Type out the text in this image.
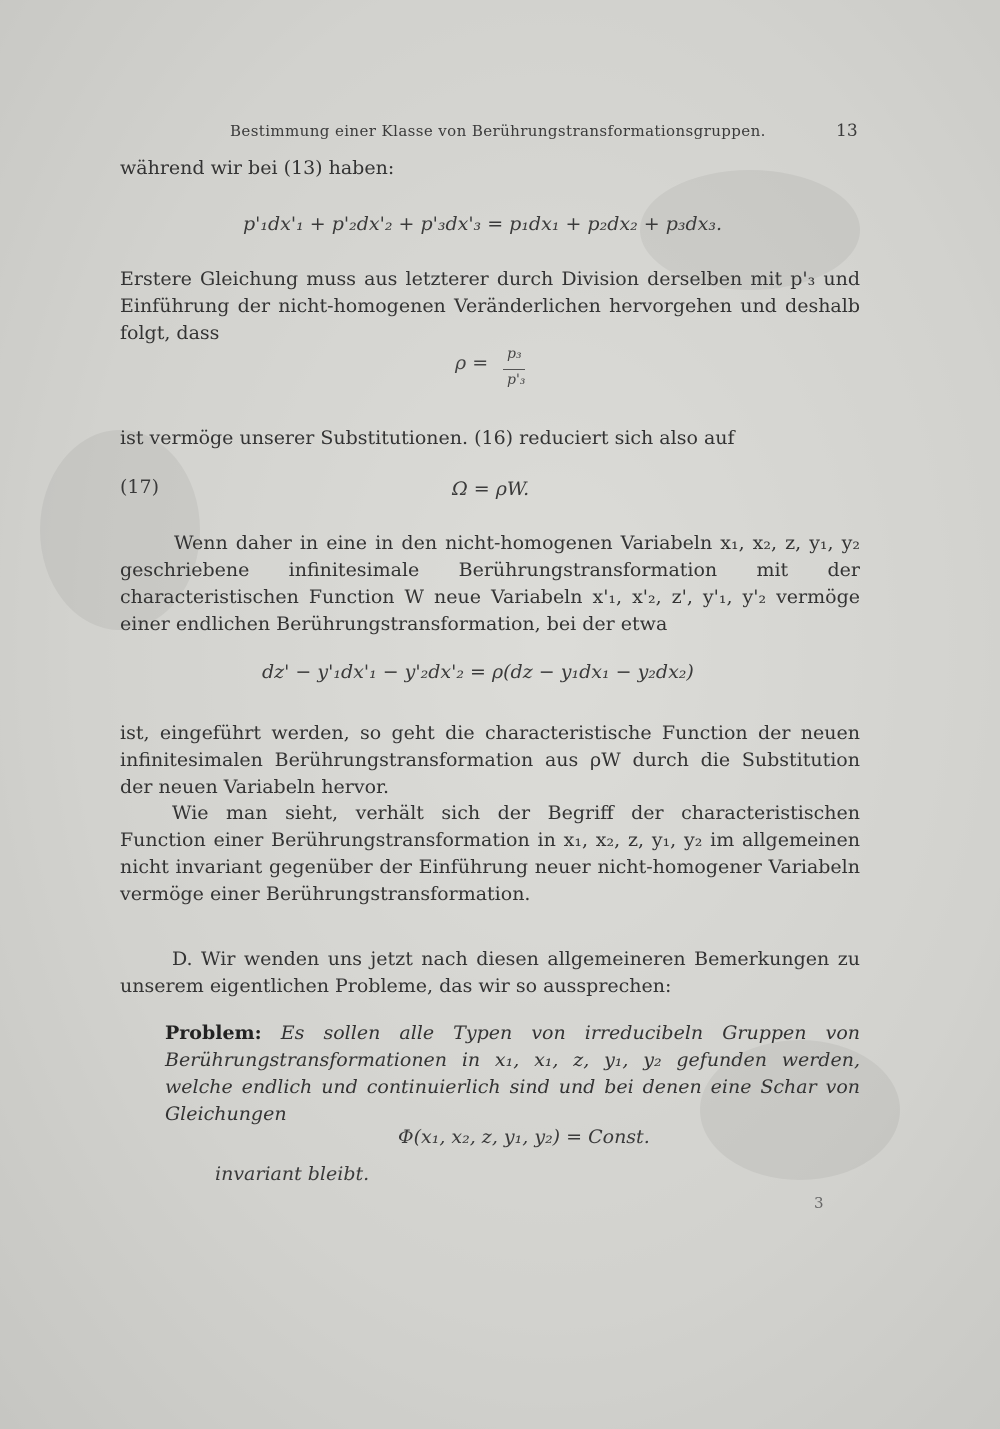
Bestimmung einer Klasse von Berührungstransformationsgruppen.	13
während wir bei (13) haben:
p'₁dx'₁ + p'₂dx'₂ + p'₃dx'₃ = p₁dx₁ + p₂dx₂ + p₃dx₃.
Erstere Gleichung muss aus letzterer durch Division derselben mit p'₃ und Einführung der nicht-homogenen Veränderlichen hervorgehen und deshalb folgt, dass
ρ = p₃
p'₃
ist vermöge unserer Substitutionen. (16) reduciert sich also auf
(17)	Ω = ρW.
Wenn daher in eine in den nicht-homogenen Variabeln x₁, x₂, z, y₁, y₂ geschriebene infinitesimale Berührungstransformation mit der characteristischen Function W neue Variabeln x'₁, x'₂, z', y'₁, y'₂ vermöge einer endlichen Berührungstransformation, bei der etwa
dz' − y'₁dx'₁ − y'₂dx'₂ = ρ(dz − y₁dx₁ − y₂dx₂)
ist, eingeführt werden, so geht die characteristische Function der neuen infinitesimalen Berührungstransformation aus ρW durch die Substitution der neuen Variabeln hervor.
Wie man sieht, verhält sich der Begriff der characteristischen Function einer Berührungstransformation in x₁, x₂, z, y₁, y₂ im allgemeinen nicht invariant gegenüber der Einführung neuer nicht-homogener Variabeln vermöge einer Berührungstransformation.
D. Wir wenden uns jetzt nach diesen allgemeineren Bemerkungen zu unserem eigentlichen Probleme, das wir so aussprechen:
Problem: Es sollen alle Typen von irreducibeln Gruppen von Berührungstransformationen in x₁, x₁, z, y₁, y₂ gefunden werden, welche endlich und continuierlich sind und bei denen eine Schar von Gleichungen
Φ(x₁, x₂, z, y₁, y₂) = Const.
invariant bleibt.
3
